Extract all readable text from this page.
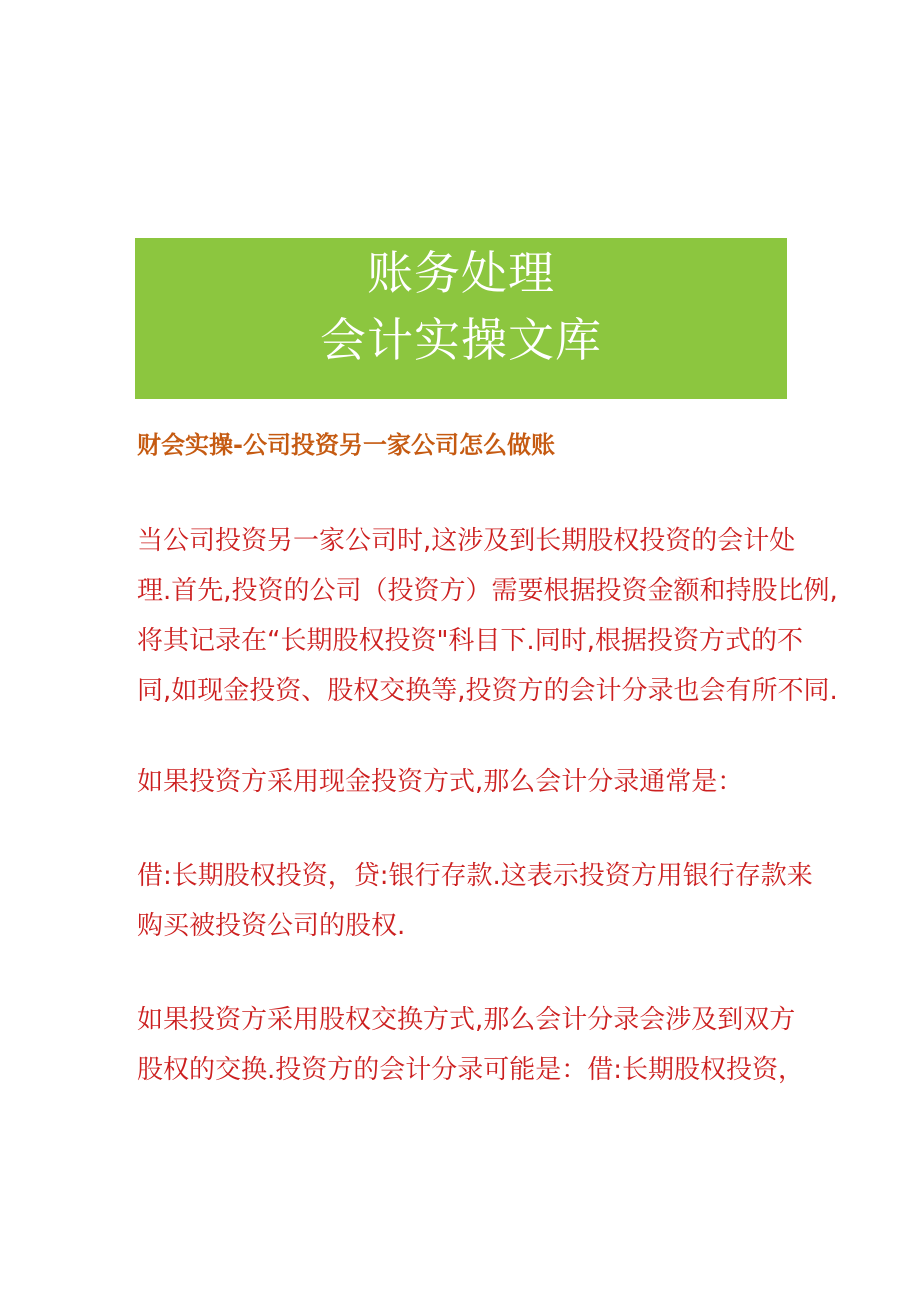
账务处理
会计实操文库
财会实操-公司投资另一家公司怎么做账
当公司投资另一家公司时,这涉及到长期股权投资的会计处
理.首先,投资的公司（投资方）需要根据投资金额和持股比例,
将其记录在“长期股权投资"科目下.同时,根据投资方式的不
同,如现金投资、股权交换等,投资方的会计分录也会有所不同.
如果投资方采用现金投资方式,那么会计分录通常是：
借:长期股权投资，贷:银行存款.这表示投资方用银行存款来
购买被投资公司的股权.
如果投资方采用股权交换方式,那么会计分录会涉及到双方
股权的交换.投资方的会计分录可能是：借:长期股权投资，
